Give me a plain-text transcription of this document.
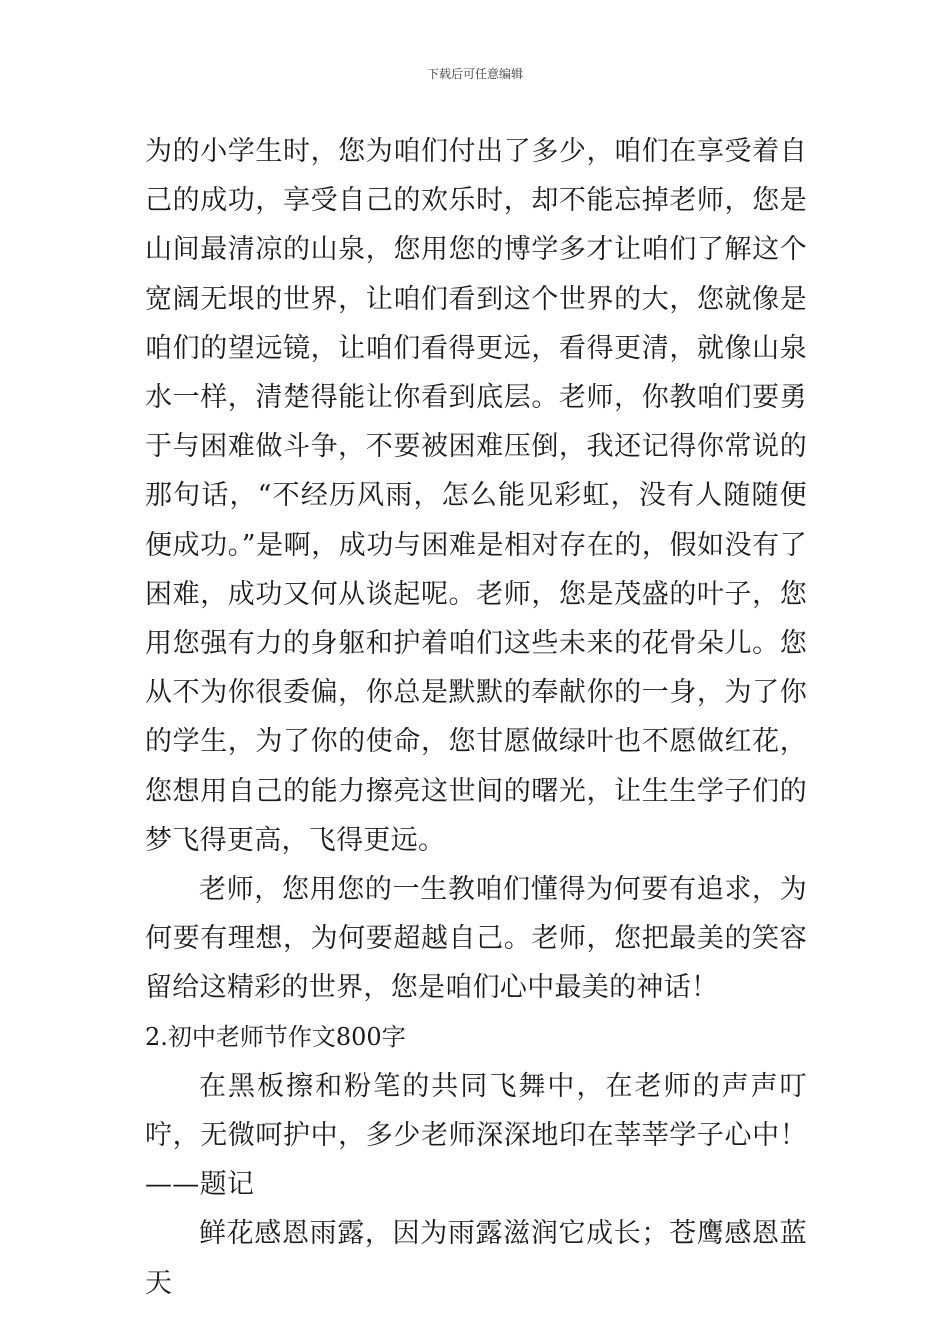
下载后可任意编辑

为的小学生时，您为咱们付出了多少，咱们在享受着自己的成功，享受自己的欢乐时，却不能忘掉老师，您是山间最清凉的山泉，您用您的博学多才让咱们了解这个宽阔无垠的世界，让咱们看到这个世界的大，您就像是咱们的望远镜，让咱们看得更远，看得更清，就像山泉水一样，清楚得能让你看到底层。老师，你教咱们要勇于与困难做斗争，不要被困难压倒，我还记得你常说的那句话，“不经历风雨，怎么能见彩虹，没有人随随便便成功。”是啊，成功与困难是相对存在的，假如没有了困难，成功又何从谈起呢。老师，您是茂盛的叶子，您用您强有力的身躯和护着咱们这些未来的花骨朵儿。您从不为你很委偏，你总是默默的奉献你的一身，为了你的学生，为了你的使命，您甘愿做绿叶也不愿做红花，您想用自己的能力擦亮这世间的曙光，让生生学子们的梦飞得更高，飞得更远。

老师，您用您的一生教咱们懂得为何要有追求，为何要有理想，为何要超越自己。老师，您把最美的笑容留给这精彩的世界，您是咱们心中最美的神话！

2.初中老师节作文800字

在黑板擦和粉笔的共同飞舞中，在老师的声声叮咛，无微呵护中，多少老师深深地印在莘莘学子心中！——题记

鲜花感恩雨露，因为雨露滋润它成长；苍鹰感恩蓝天
